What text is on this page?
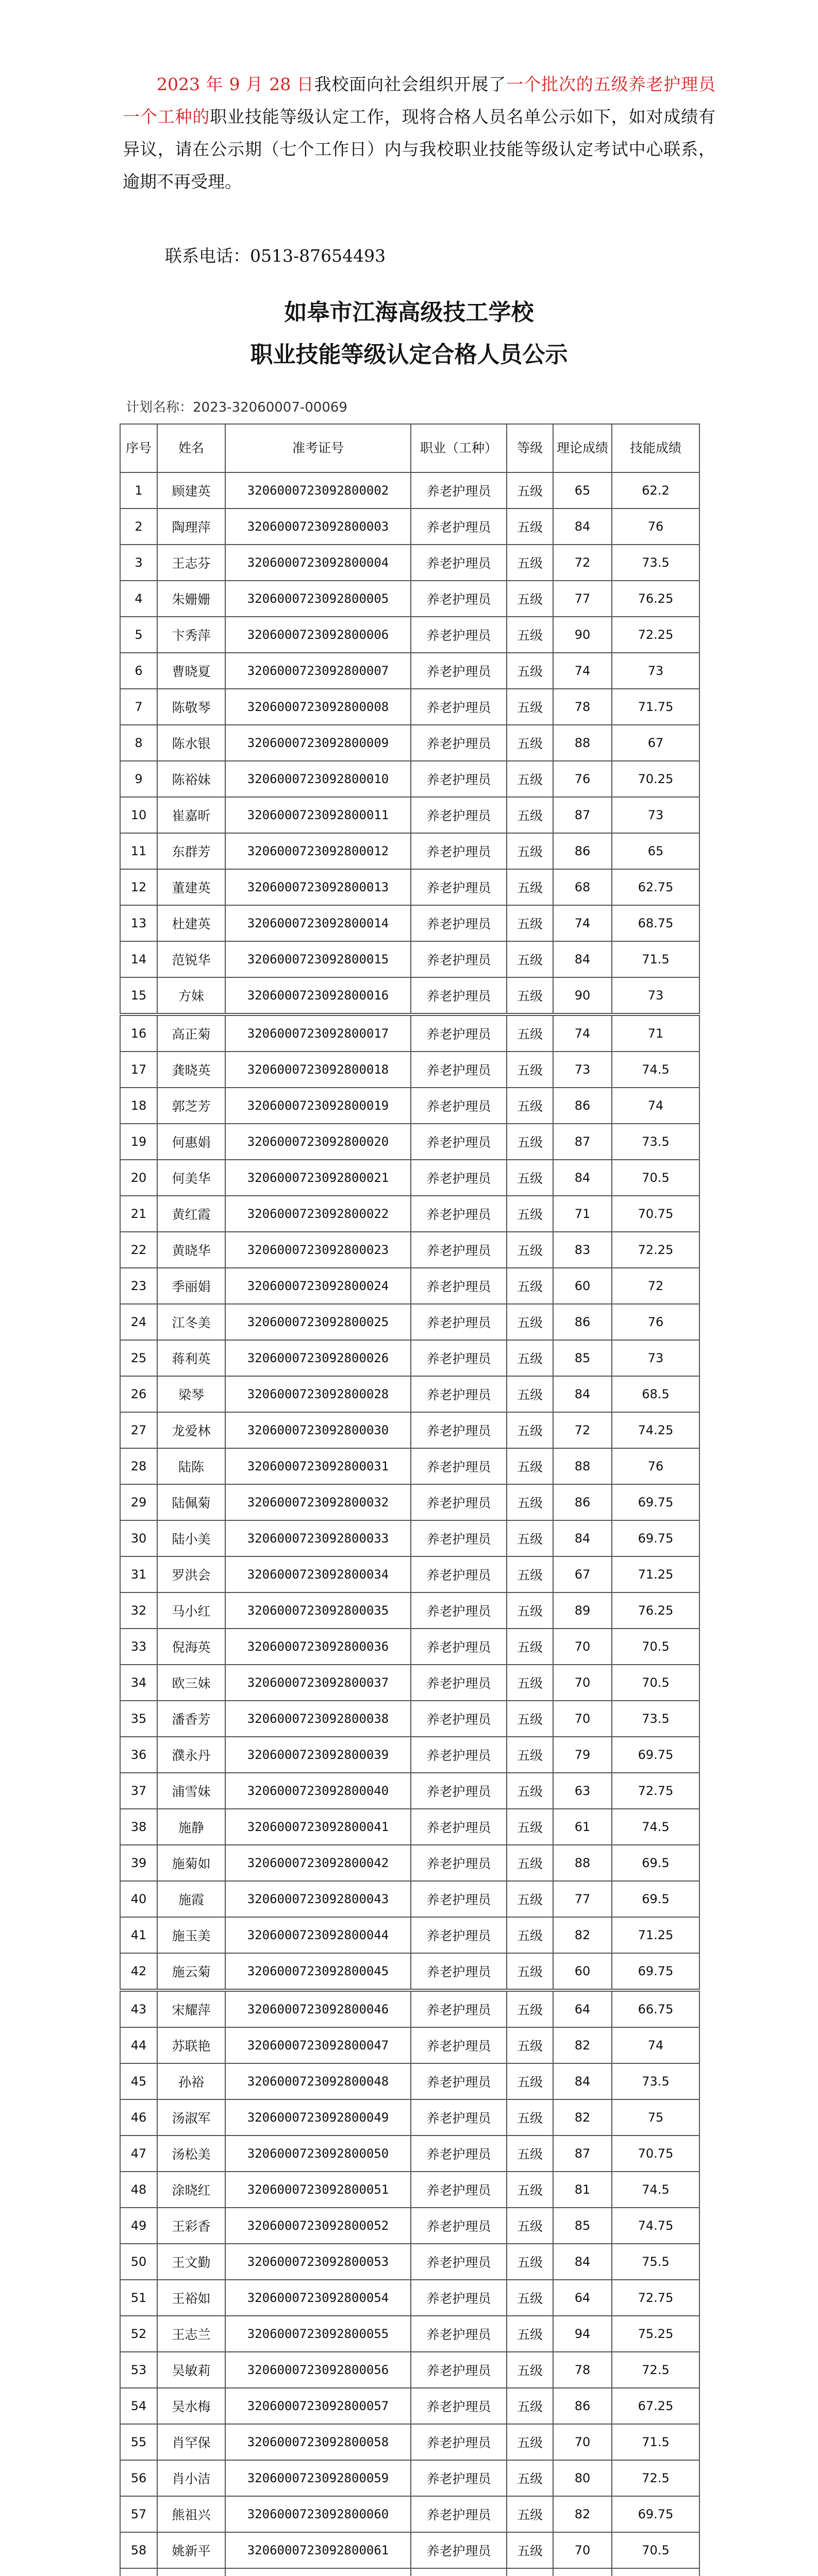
2023 年 9 月 28 日我校面向社会组织开展了一个批次的五级养老护理员一个工种的职业技能等级认定工作，现将合格人员名单公示如下，如对成绩有异议，请在公示期（七个工作日）内与我校职业技能等级认定考试中心联系，逾期不再受理。

联系电话：0513-87654493
如皋市江海高级技工学校
职业技能等级认定合格人员公示
计划名称：2023-32060007-00069
序号	姓名	准考证号	职业（工种）	等级	理论成绩	技能成绩
1	顾建英	3206000723092800002	养老护理员	五级	65	62.2
2	陶理萍	3206000723092800003	养老护理员	五级	84	76
3	王志芬	3206000723092800004	养老护理员	五级	72	73.5
4	朱姗姗	3206000723092800005	养老护理员	五级	77	76.25
5	卞秀萍	3206000723092800006	养老护理员	五级	90	72.25
6	曹晓夏	3206000723092800007	养老护理员	五级	74	73
7	陈敬琴	3206000723092800008	养老护理员	五级	78	71.75
8	陈水银	3206000723092800009	养老护理员	五级	88	67
9	陈裕妹	3206000723092800010	养老护理员	五级	76	70.25
10	崔嘉昕	3206000723092800011	养老护理员	五级	87	73
11	东群芳	3206000723092800012	养老护理员	五级	86	65
12	董建英	3206000723092800013	养老护理员	五级	68	62.75
13	杜建英	3206000723092800014	养老护理员	五级	74	68.75
14	范锐华	3206000723092800015	养老护理员	五级	84	71.5
15	方妹	3206000723092800016	养老护理员	五级	90	73
16	高正菊	3206000723092800017	养老护理员	五级	74	71
17	龚晓英	3206000723092800018	养老护理员	五级	73	74.5
18	郭芝芳	3206000723092800019	养老护理员	五级	86	74
19	何惠娟	3206000723092800020	养老护理员	五级	87	73.5
20	何美华	3206000723092800021	养老护理员	五级	84	70.5
21	黄红霞	3206000723092800022	养老护理员	五级	71	70.75
22	黄晓华	3206000723092800023	养老护理员	五级	83	72.25
23	季丽娟	3206000723092800024	养老护理员	五级	60	72
24	江冬美	3206000723092800025	养老护理员	五级	86	76
25	蒋利英	3206000723092800026	养老护理员	五级	85	73
26	梁琴	3206000723092800028	养老护理员	五级	84	68.5
27	龙爱林	3206000723092800030	养老护理员	五级	72	74.25
28	陆陈	3206000723092800031	养老护理员	五级	88	76
29	陆佩菊	3206000723092800032	养老护理员	五级	86	69.75
30	陆小美	3206000723092800033	养老护理员	五级	84	69.75
31	罗洪会	3206000723092800034	养老护理员	五级	67	71.25
32	马小红	3206000723092800035	养老护理员	五级	89	76.25
33	倪海英	3206000723092800036	养老护理员	五级	70	70.5
34	欧三妹	3206000723092800037	养老护理员	五级	70	70.5
35	潘香芳	3206000723092800038	养老护理员	五级	70	73.5
36	濮永丹	3206000723092800039	养老护理员	五级	79	69.75
37	浦雪妹	3206000723092800040	养老护理员	五级	63	72.75
38	施静	3206000723092800041	养老护理员	五级	61	74.5
39	施菊如	3206000723092800042	养老护理员	五级	88	69.5
40	施霞	3206000723092800043	养老护理员	五级	77	69.5
41	施玉美	3206000723092800044	养老护理员	五级	82	71.25
42	施云菊	3206000723092800045	养老护理员	五级	60	69.75
43	宋耀萍	3206000723092800046	养老护理员	五级	64	66.75
44	苏联艳	3206000723092800047	养老护理员	五级	82	74
45	孙裕	3206000723092800048	养老护理员	五级	84	73.5
46	汤淑军	3206000723092800049	养老护理员	五级	82	75
47	汤松美	3206000723092800050	养老护理员	五级	87	70.75
48	涂晓红	3206000723092800051	养老护理员	五级	81	74.5
49	王彩香	3206000723092800052	养老护理员	五级	85	74.75
50	王文勤	3206000723092800053	养老护理员	五级	84	75.5
51	王裕如	3206000723092800054	养老护理员	五级	64	72.75
52	王志兰	3206000723092800055	养老护理员	五级	94	75.25
53	吴敏莉	3206000723092800056	养老护理员	五级	78	72.5
54	吴水梅	3206000723092800057	养老护理员	五级	86	67.25
55	肖罕保	3206000723092800058	养老护理员	五级	70	71.5
56	肖小洁	3206000723092800059	养老护理员	五级	80	72.5
57	熊祖兴	3206000723092800060	养老护理员	五级	82	69.75
58	姚新平	3206000723092800061	养老护理员	五级	70	70.5
